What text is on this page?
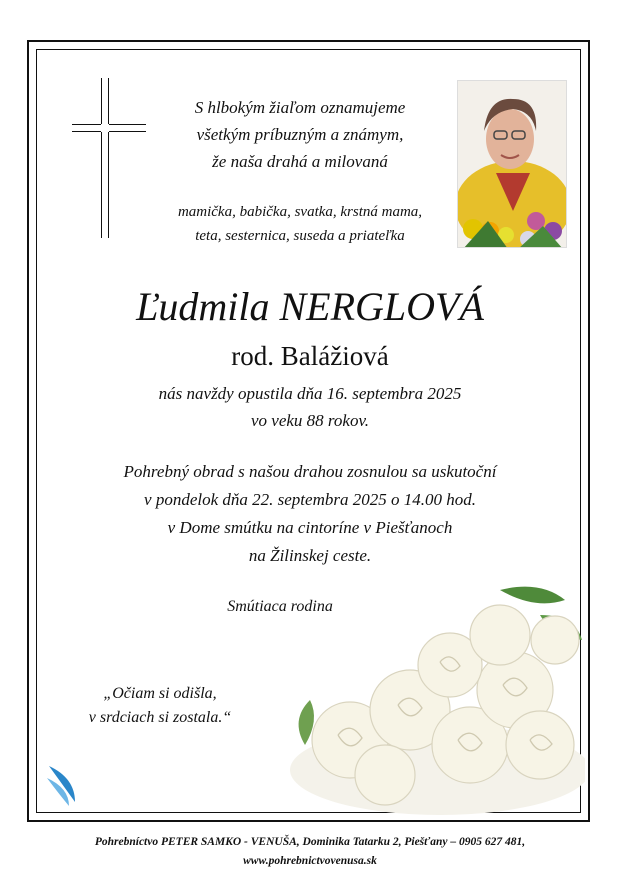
S hlbokým žiaľom oznamujeme
všetkým príbuzným a známym,
že naša drahá a milovaná
mamička, babička, svatka, krstná mama,
teta, sesternica, suseda a priateľka
Ľudmila NERGLOVÁ
rod. Balážiová
nás navždy opustila dňa 16. septembra 2025
vo veku 88 rokov.
Pohrebný obrad s našou drahou zosnulou sa uskutoční
v pondelok dňa 22. septembra 2025 o 14.00 hod.
v Dome smútku na cintoríne v Piešťanoch
na Žilinskej ceste.
Smútiaca rodina
„Očiam si odišla,
v srdciach si zostala.“
Pohrebníctvo PETER SAMKO - VENUŠA, Dominika Tatarku 2, Piešťany – 0905 627 481,
www.pohrebnictvovenusa.sk
